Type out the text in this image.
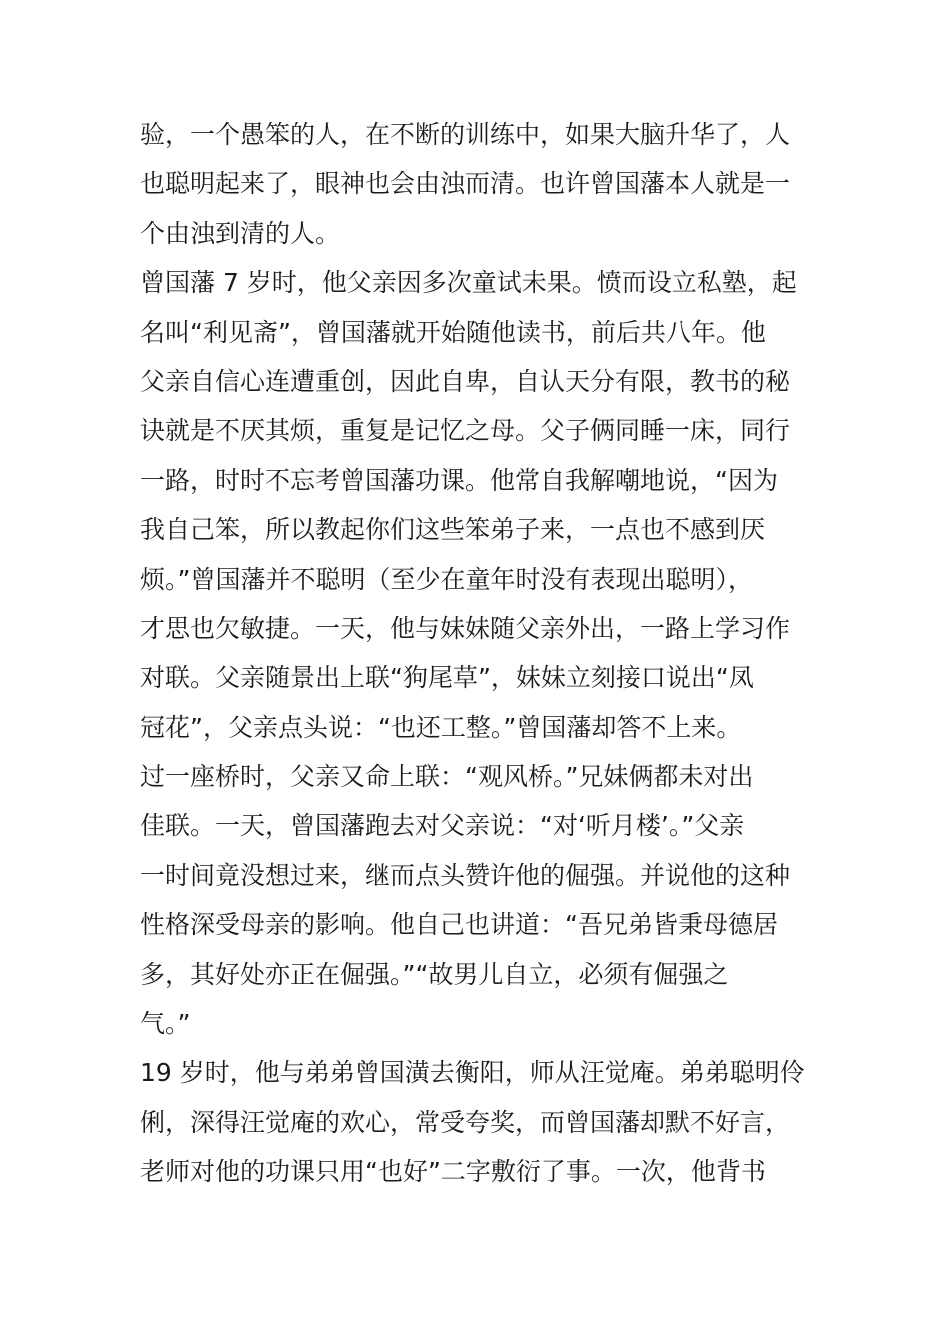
验，一个愚笨的人，在不断的训练中，如果大脑升华了，人
也聪明起来了，眼神也会由浊而清。也许曾国藩本人就是一
个由浊到清的人。
曾国藩 7 岁时，他父亲因多次童试未果。愤而设立私塾，起
名叫“利见斋”，曾国藩就开始随他读书，前后共八年。他
父亲自信心连遭重创，因此自卑，自认天分有限，教书的秘
诀就是不厌其烦，重复是记忆之母。父子俩同睡一床，同行
一路，时时不忘考曾国藩功课。他常自我解嘲地说，“因为
我自己笨，所以教起你们这些笨弟子来，一点也不感到厌
烦。”曾国藩并不聪明（至少在童年时没有表现出聪明），
才思也欠敏捷。一天，他与妹妹随父亲外出，一路上学习作
对联。父亲随景出上联“狗尾草”，妹妹立刻接口说出“凤
冠花”，父亲点头说：“也还工整。”曾国藩却答不上来。
过一座桥时，父亲又命上联：“观风桥。”兄妹俩都未对出
佳联。一天，曾国藩跑去对父亲说：“对‘听月楼’。”父亲
一时间竟没想过来，继而点头赞许他的倔强。并说他的这种
性格深受母亲的影响。他自己也讲道：“吾兄弟皆秉母德居
多，其好处亦正在倔强。”“故男儿自立，必须有倔强之
气。”
19 岁时，他与弟弟曾国潢去衡阳，师从汪觉庵。弟弟聪明伶
俐，深得汪觉庵的欢心，常受夸奖，而曾国藩却默不好言，
老师对他的功课只用“也好”二字敷衍了事。一次，他背书
